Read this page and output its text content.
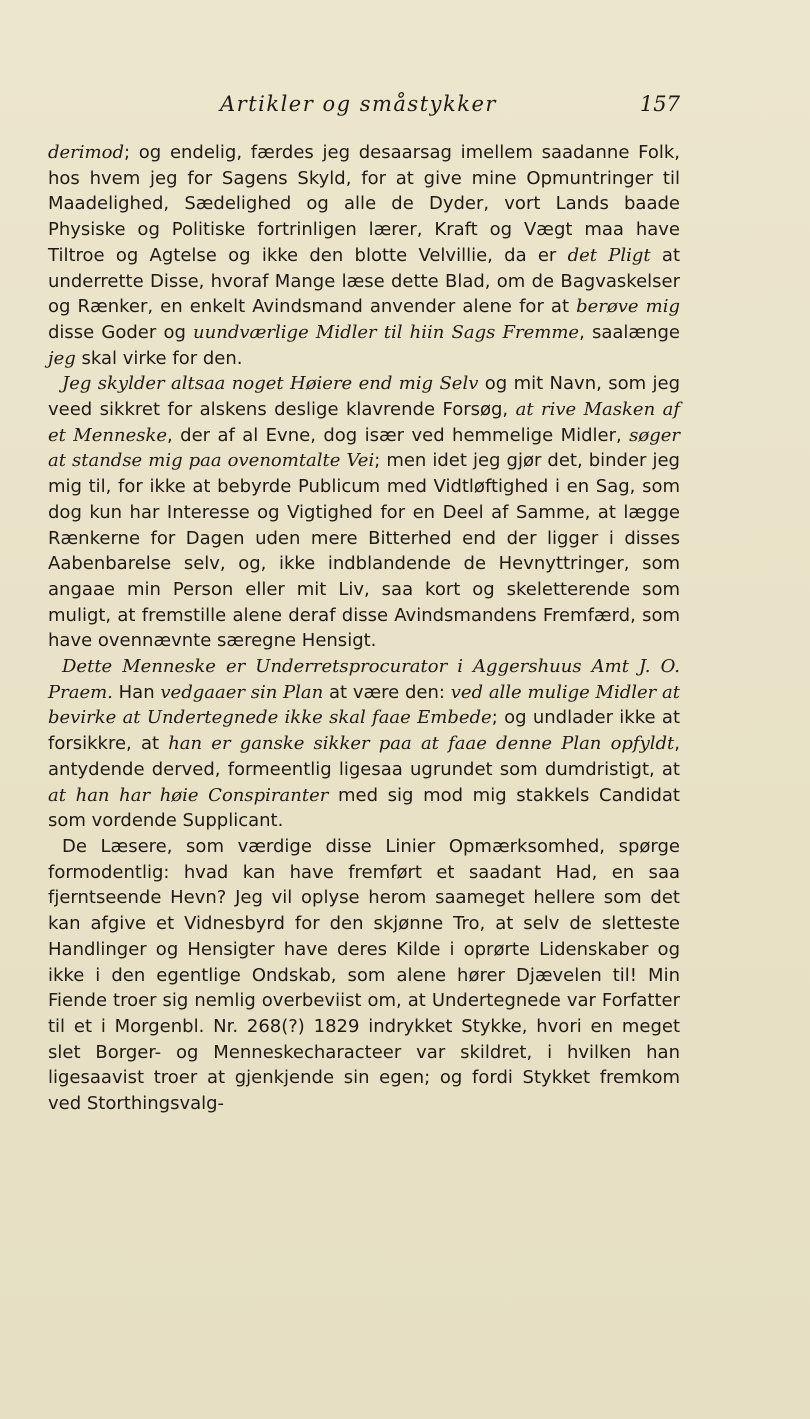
Artikler og småstykker	157

derimod; og endelig, færdes jeg desaarsag imellem saadanne Folk, hos hvem jeg for Sagens Skyld, for at give mine Opmuntringer til Maadelighed, Sædelighed og alle de Dyder, vort Lands baade Physiske og Politiske fortrinligen lærer, Kraft og Vægt maa have Tiltroe og Agtelse og ikke den blotte Velvillie, da er det Pligt at underrette Disse, hvoraf Mange læse dette Blad, om de Bagvaskelser og Rænker, en enkelt Avindsmand anvender alene for at berøve mig disse Goder og uundværlige Midler til hiin Sags Fremme, saalænge jeg skal virke for den.

Jeg skylder altsaa noget Høiere end mig Selv og mit Navn, som jeg veed sikkret for alskens deslige klavrende Forsøg, at rive Masken af et Menneske, der af al Evne, dog især ved hemmelige Midler, søger at standse mig paa ovenomtalte Vei; men idet jeg gjør det, binder jeg mig til, for ikke at bebyrde Publicum med Vidtløftighed i en Sag, som dog kun har Interesse og Vigtighed for en Deel af Samme, at lægge Rænkerne for Dagen uden mere Bitterhed end der ligger i disses Aabenbarelse selv, og, ikke indblandende de Hevnyttringer, som angaae min Person eller mit Liv, saa kort og skeletterende som muligt, at fremstille alene deraf disse Avindsmandens Fremfærd, som have ovennævnte særegne Hensigt.

Dette Menneske er Underretsprocurator i Aggershuus Amt J. O. Praem. Han vedgaaer sin Plan at være den: ved alle mulige Midler at bevirke at Undertegnede ikke skal faae Embede; og undlader ikke at forsikkre, at han er ganske sikker paa at faae denne Plan opfyldt, antydende derved, formeentlig ligesaa ugrundet som dumdristigt, at at han har høie Conspiranter med sig mod mig stakkels Candidat som vordende Supplicant.

De Læsere, som værdige disse Linier Opmærksomhed, spørge formodentlig: hvad kan have fremført et saadant Had, en saa fjerntseende Hevn? Jeg vil oplyse herom saameget hellere som det kan afgive et Vidnesbyrd for den skjønne Tro, at selv de sletteste Handlinger og Hensigter have deres Kilde i oprørte Lidenskaber og ikke i den egentlige Ondskab, som alene hører Djævelen til! Min Fiende troer sig nemlig overbeviist om, at Undertegnede var Forfatter til et i Morgenbl. Nr. 268(?) 1829 indrykket Stykke, hvori en meget slet Borger- og Menneskecharacteer var skildret, i hvilken han ligesaavist troer at gjenkjende sin egen; og fordi Stykket fremkom ved Storthingsvalg-
